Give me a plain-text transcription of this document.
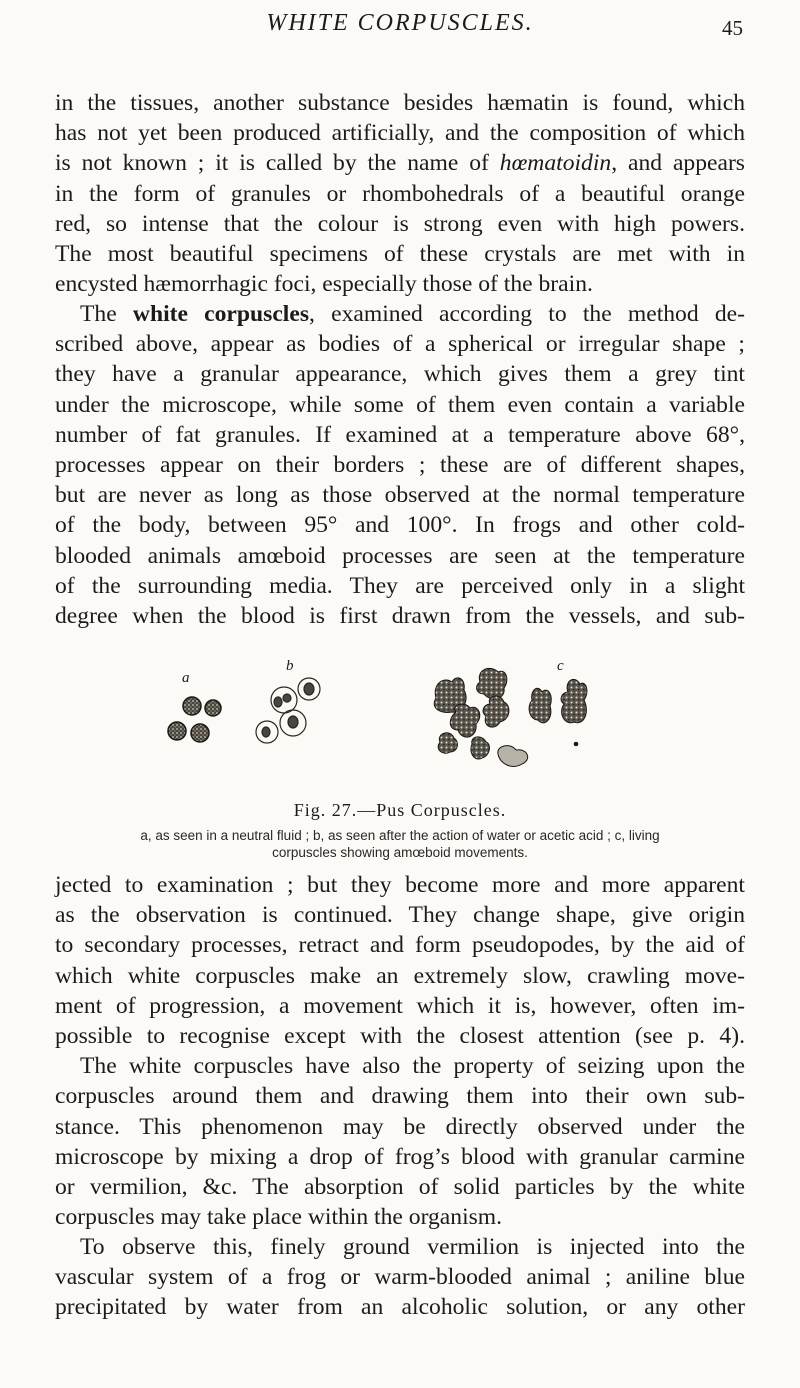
WHITE CORPUSCLES.	45

in the tissues, another substance besides hæmatin is found, which
has not yet been produced artificially, and the composition of which
is not known ; it is called by the name of hœmatoidin, and appears
in the form of granules or rhombohedrals of a beautiful orange
red, so intense that the colour is strong even with high powers.
The most beautiful specimens of these crystals are met with in
encysted hæmorrhagic foci, especially those of the brain.

The white corpuscles, examined according to the method de-
scribed above, appear as bodies of a spherical or irregular shape ;
they have a granular appearance, which gives them a grey tint
under the microscope, while some of them even contain a variable
number of fat granules. If examined at a temperature above 68°,
processes appear on their borders ; these are of different shapes,
but are never as long as those observed at the normal temperature
of the body, between 95° and 100°. In frogs and other cold-
blooded animals amœboid processes are seen at the temperature
of the surrounding media. They are perceived only in a slight
degree when the blood is first drawn from the vessels, and sub-

a
b	c
Fig. 27.—Pus Corpuscles.
a, as seen in a neutral fluid ; b, as seen after the action of water or acetic acid ; c, living
corpuscles showing amœboid movements.

jected to examination ; but they become more and more apparent
as the observation is continued. They change shape, give origin
to secondary processes, retract and form pseudopodes, by the aid of
which white corpuscles make an extremely slow, crawling move-
ment of progression, a movement which it is, however, often im-
possible to recognise except with the closest attention (see p. 4).
The white corpuscles have also the property of seizing upon the
corpuscles around them and drawing them into their own sub-
stance. This phenomenon may be directly observed under the
microscope by mixing a drop of frog’s blood with granular carmine
or vermilion, &c. The absorption of solid particles by the white
corpuscles may take place within the organism.

To observe this, finely ground vermilion is injected into the
vascular system of a frog or warm-blooded animal ; aniline blue
precipitated by water from an alcoholic solution, or any other
